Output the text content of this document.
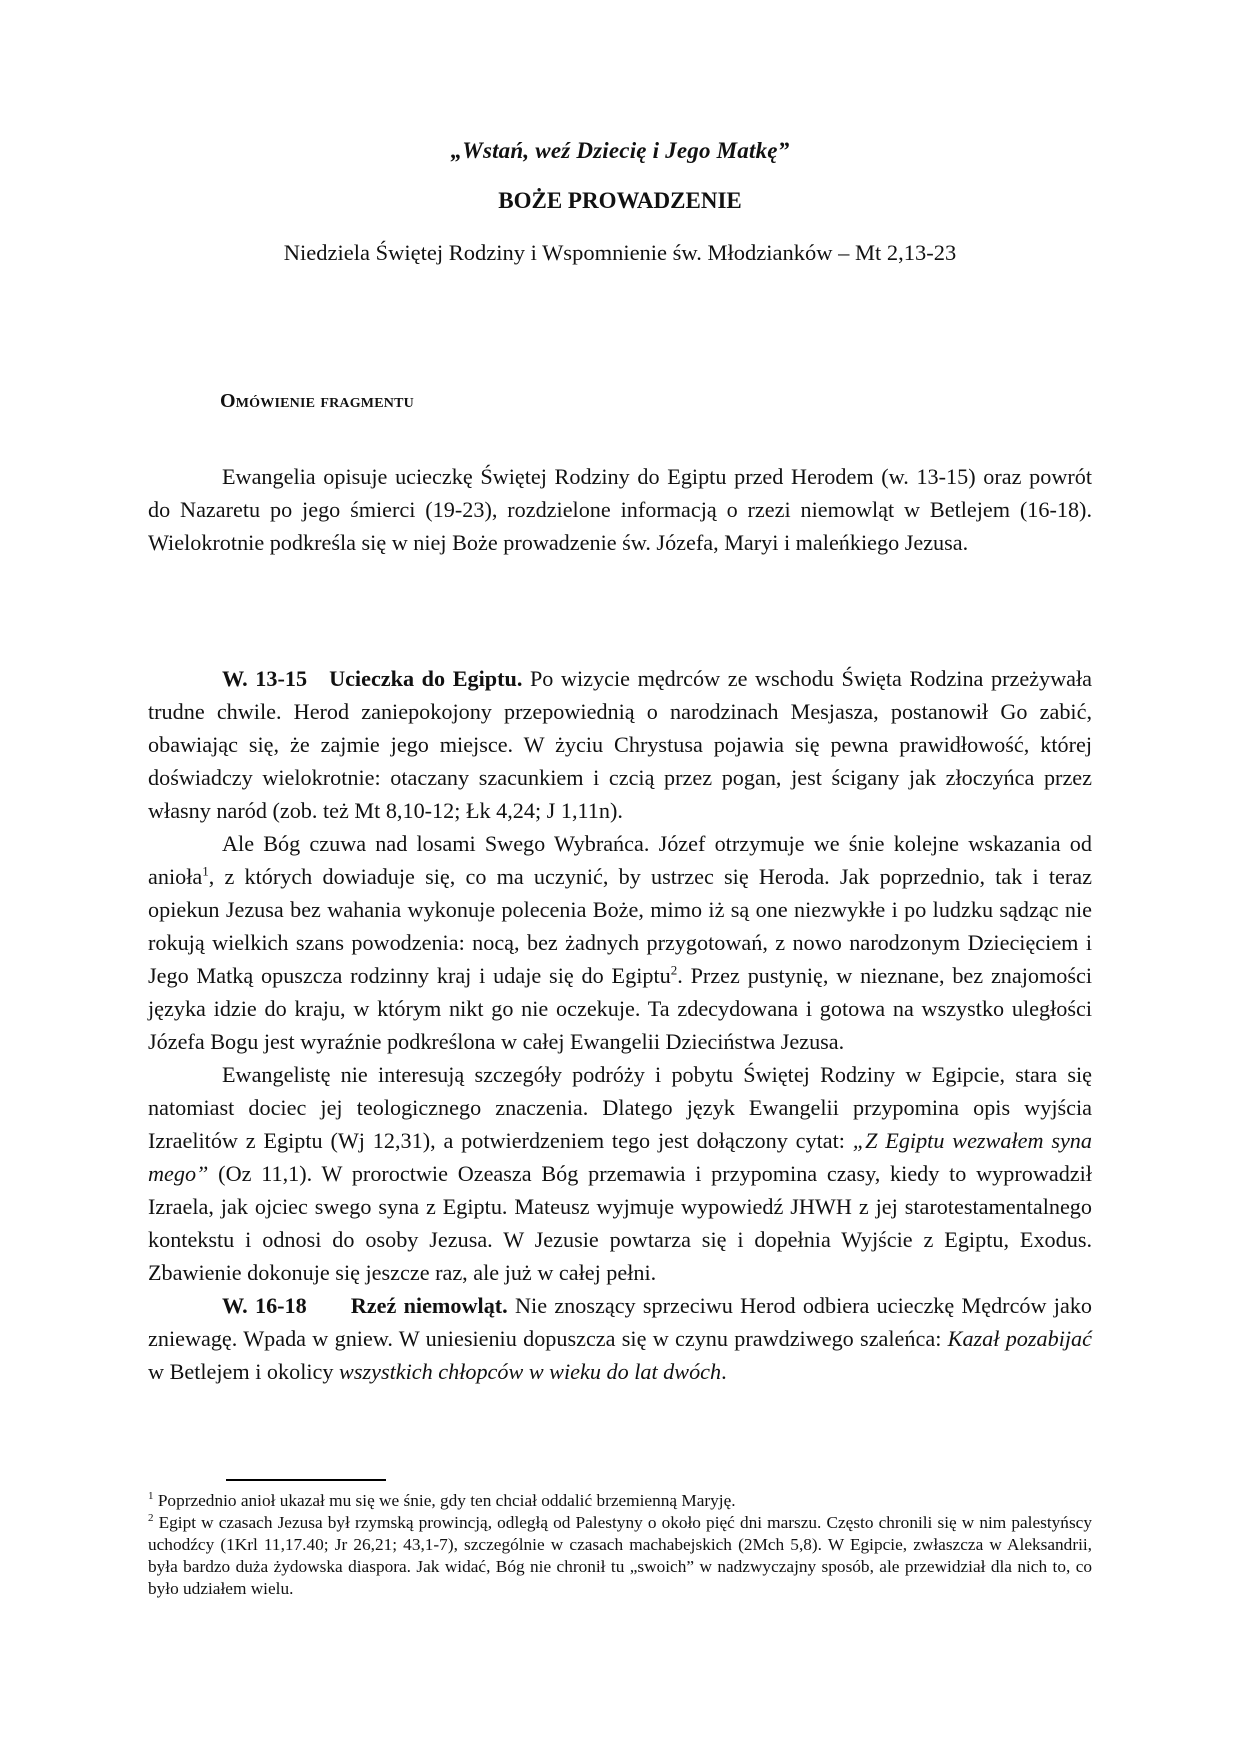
„Wstań, weź Dziecię i Jego Matkę”
BOŻE PROWADZENIE
Niedziela Świętej Rodziny i Wspomnienie św. Młodzianków – Mt 2,13-23
Omówienie fragmentu

Ewangelia opisuje ucieczkę Świętej Rodziny do Egiptu przed Herodem (w. 13-15) oraz powrót do Nazaretu po jego śmierci (19-23), rozdzielone informacją o rzezi niemowląt w Betlejem (16-18). Wielokrotnie podkreśla się w niej Boże prowadzenie św. Józefa, Maryi i maleńkiego Jezusa.

W. 13-15 Ucieczka do Egiptu. Po wizycie mędrców ze wschodu Święta Rodzina przeżywała trudne chwile. Herod zaniepokojony przepowiednią o narodzinach Mesjasza, postanowił Go zabić, obawiając się, że zajmie jego miejsce. W życiu Chrystusa pojawia się pewna prawidłowość, której doświadczy wielokrotnie: otaczany szacunkiem i czcią przez pogan, jest ścigany jak złoczyńca przez własny naród (zob. też Mt 8,10-12; Łk 4,24; J 1,11n).

Ale Bóg czuwa nad losami Swego Wybrańca. Józef otrzymuje we śnie kolejne wskazania od anioła$^1$, z których dowiaduje się, co ma uczynić, by ustrzec się Heroda. Jak poprzednio, tak i teraz opiekun Jezusa bez wahania wykonuje polecenia Boże, mimo iż są one niezwykłe i po ludzku sądząc nie rokują wielkich szans powodzenia: nocą, bez żadnych przygotowań, z nowo narodzonym Dziecięciem i Jego Matką opuszcza rodzinny kraj i udaje się do Egiptu$^2$. Przez pustynię, w nieznane, bez znajomości języka idzie do kraju, w którym nikt go nie oczekuje. Ta zdecydowana i gotowa na wszystko uległości Józefa Bogu jest wyraźnie podkreślona w całej Ewangelii Dzieciństwa Jezusa.

Ewangelistę nie interesują szczegóły podróży i pobytu Świętej Rodziny w Egipcie, stara się natomiast dociec jej teologicznego znaczenia. Dlatego język Ewangelii przypomina opis wyjścia Izraelitów z Egiptu (Wj 12,31), a potwierdzeniem tego jest dołączony cytat: „Z Egiptu wezwałem syna mego” (Oz 11,1). W proroctwie Ozeasza Bóg przemawia i przypomina czasy, kiedy to wyprowadził Izraela, jak ojciec swego syna z Egiptu. Mateusz wyjmuje wypowiedź JHWH z jej starotestamentalnego kontekstu i odnosi do osoby Jezusa. W Jezusie powtarza się i dopełnia Wyjście z Egiptu, Exodus. Zbawienie dokonuje się jeszcze raz, ale już w całej pełni.

W. 16-18 Rzeź niemowląt. Nie znoszący sprzeciwu Herod odbiera ucieczkę Mędrców jako zniewagę. Wpada w gniew. W uniesieniu dopuszcza się w czynu prawdziwego szaleńca: Kazał pozabijać w Betlejem i okolicy wszystkich chłopców w wieku do lat dwóch.

$^1$ Poprzednio anioł ukazał mu się we śnie, gdy ten chciał oddalić brzemienną Maryję.

$^2$ Egipt w czasach Jezusa był rzymską prowincją, odległą od Palestyny o około pięć dni marszu. Często chronili się w nim palestyńscy uchodźcy (1Krl 11,17.40; Jr 26,21; 43,1-7), szczególnie w czasach machabejskich (2Mch 5,8). W Egipcie, zwłaszcza w Aleksandrii, była bardzo duża żydowska diaspora. Jak widać, Bóg nie chronił tu „swoich” w nadzwyczajny sposób, ale przewidział dla nich to, co było udziałem wielu.
